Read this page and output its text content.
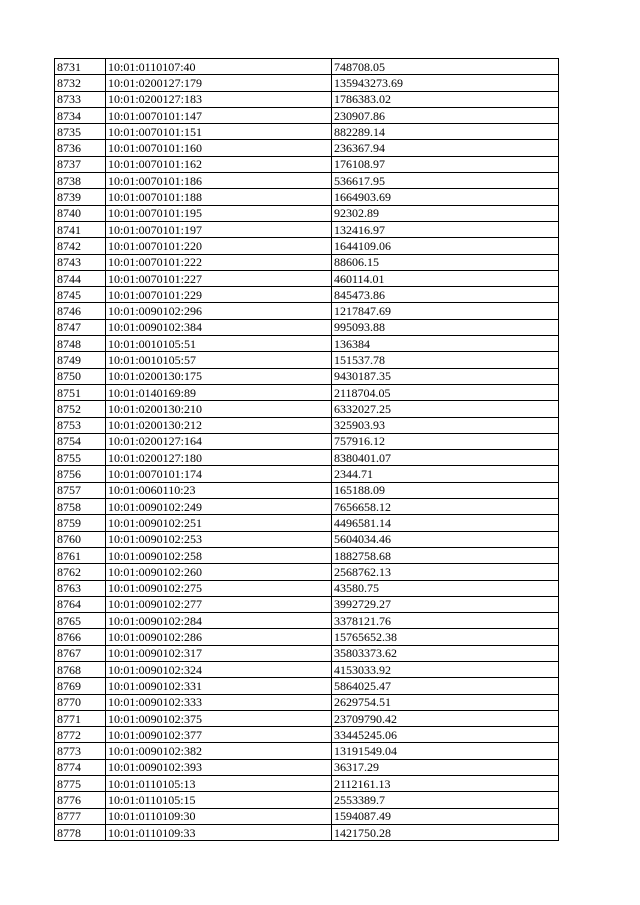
8731	10:01:0110107:40	748708.05
8732	10:01:0200127:179	135943273.69
8733	10:01:0200127:183	1786383.02
8734	10:01:0070101:147	230907.86
8735	10:01:0070101:151	882289.14
8736	10:01:0070101:160	236367.94
8737	10:01:0070101:162	176108.97
8738	10:01:0070101:186	536617.95
8739	10:01:0070101:188	1664903.69
8740	10:01:0070101:195	92302.89
8741	10:01:0070101:197	132416.97
8742	10:01:0070101:220	1644109.06
8743	10:01:0070101:222	88606.15
8744	10:01:0070101:227	460114.01
8745	10:01:0070101:229	845473.86
8746	10:01:0090102:296	1217847.69
8747	10:01:0090102:384	995093.88
8748	10:01:0010105:51	136384
8749	10:01:0010105:57	151537.78
8750	10:01:0200130:175	9430187.35
8751	10:01:0140169:89	2118704.05
8752	10:01:0200130:210	6332027.25
8753	10:01:0200130:212	325903.93
8754	10:01:0200127:164	757916.12
8755	10:01:0200127:180	8380401.07
8756	10:01:0070101:174	2344.71
8757	10:01:0060110:23	165188.09
8758	10:01:0090102:249	7656658.12
8759	10:01:0090102:251	4496581.14
8760	10:01:0090102:253	5604034.46
8761	10:01:0090102:258	1882758.68
8762	10:01:0090102:260	2568762.13
8763	10:01:0090102:275	43580.75
8764	10:01:0090102:277	3992729.27
8765	10:01:0090102:284	3378121.76
8766	10:01:0090102:286	15765652.38
8767	10:01:0090102:317	35803373.62
8768	10:01:0090102:324	4153033.92
8769	10:01:0090102:331	5864025.47
8770	10:01:0090102:333	2629754.51
8771	10:01:0090102:375	23709790.42
8772	10:01:0090102:377	33445245.06
8773	10:01:0090102:382	13191549.04
8774	10:01:0090102:393	36317.29
8775	10:01:0110105:13	2112161.13
8776	10:01:0110105:15	2553389.7
8777	10:01:0110109:30	1594087.49
8778	10:01:0110109:33	1421750.28
